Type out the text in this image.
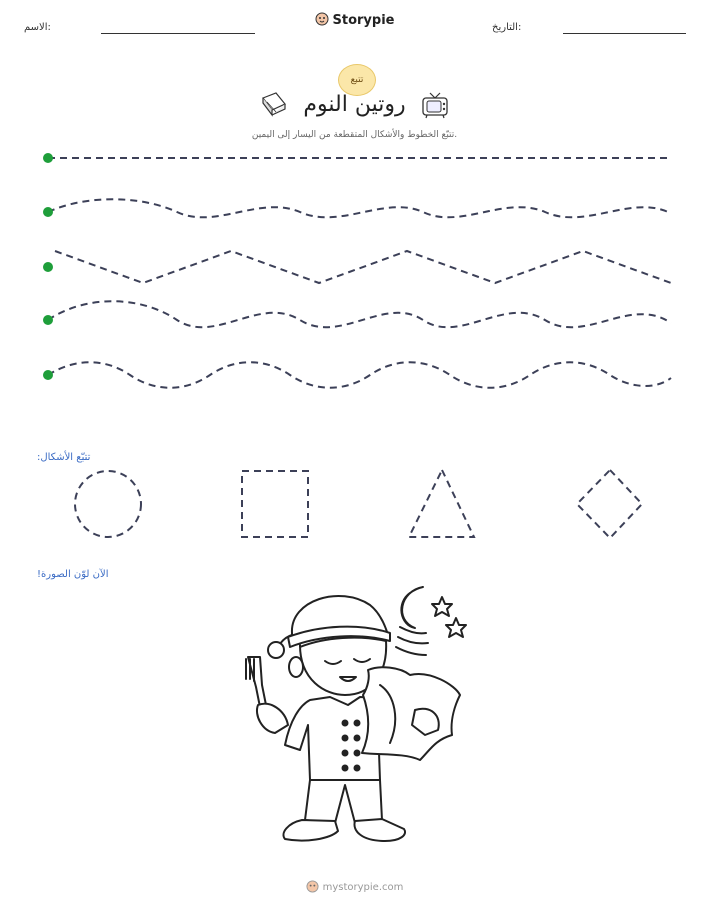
الاسم:	Storypie	التاريخ:
تتبع
روتين النوم
تتبّع الخطوط والأشكال المتقطعة من اليسار إلى اليمين.
تتبّع الأشكال:
الآن لوّن الصورة!
mystorypie.com
